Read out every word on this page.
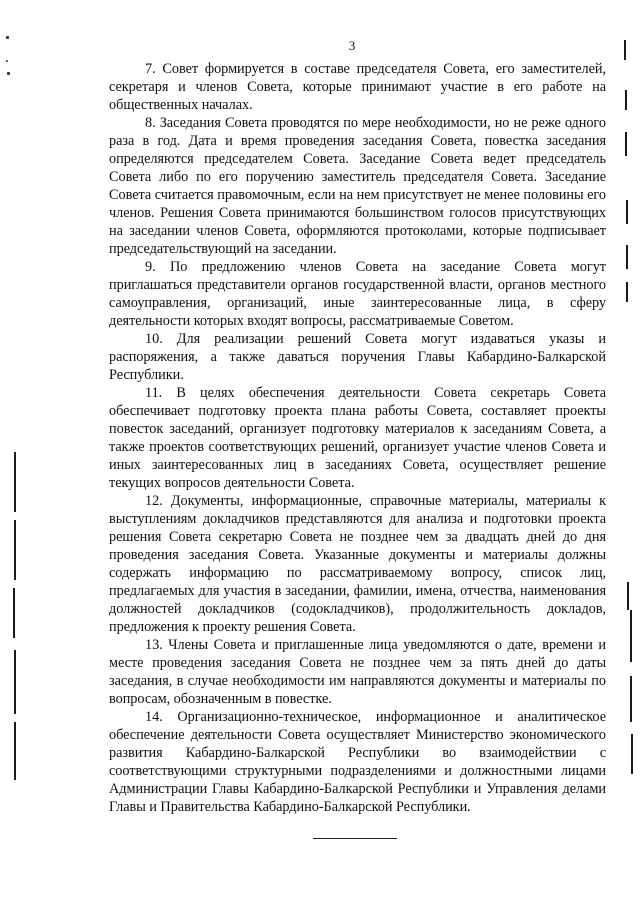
3

7. Совет формируется в составе председателя Совета, его заместителей, секретаря и членов Совета, которые принимают участие в его работе на общественных началах.

8. Заседания Совета проводятся по мере необходимости, но не реже одного раза в год. Дата и время проведения заседания Совета, повестка заседания определяются председателем Совета. Заседание Совета ведет председатель Совета либо по его поручению заместитель председателя Совета. Заседание Совета считается правомочным, если на нем присутствует не менее половины его членов. Решения Совета принимаются большинством голосов присутствующих на заседании членов Совета, оформляются протоколами, которые подписывает председательствующий на заседании.

9. По предложению членов Совета на заседание Совета могут приглашаться представители органов государственной власти, органов местного самоуправления, организаций, иные заинтересованные лица, в сферу деятельности которых входят вопросы, рассматриваемые Советом.

10. Для реализации решений Совета могут издаваться указы и распоряжения, а также даваться поручения Главы Кабардино-Балкарской Республики.

11. В целях обеспечения деятельности Совета секретарь Совета обеспечивает подготовку проекта плана работы Совета, составляет проекты повесток заседаний, организует подготовку материалов к заседаниям Совета, а также проектов соответствующих решений, организует участие членов Совета и иных заинтересованных лиц в заседаниях Совета, осуществляет решение текущих вопросов деятельности Совета.

12. Документы, информационные, справочные материалы, материалы к выступлениям докладчиков представляются для анализа и подготовки проекта решения Совета секретарю Совета не позднее чем за двадцать дней до дня проведения заседания Совета. Указанные документы и материалы должны содержать информацию по рассматриваемому вопросу, список лиц, предлагаемых для участия в заседании, фамилии, имена, отчества, наименования должностей докладчиков (содокладчиков), продолжительность докладов, предложения к проекту решения Совета.

13. Члены Совета и приглашенные лица уведомляются о дате, времени и месте проведения заседания Совета не позднее чем за пять дней до даты заседания, в случае необходимости им направляются документы и материалы по вопросам, обозначенным в повестке.

14. Организационно-техническое, информационное и аналитическое обеспечение деятельности Совета осуществляет Министерство экономического развития Кабардино-Балкарской Республики во взаимодействии с соответствующими структурными подразделениями и должностными лицами Администрации Главы Кабардино-Балкарской Республики и Управления делами Главы и Правительства Кабардино-Балкарской Республики.
